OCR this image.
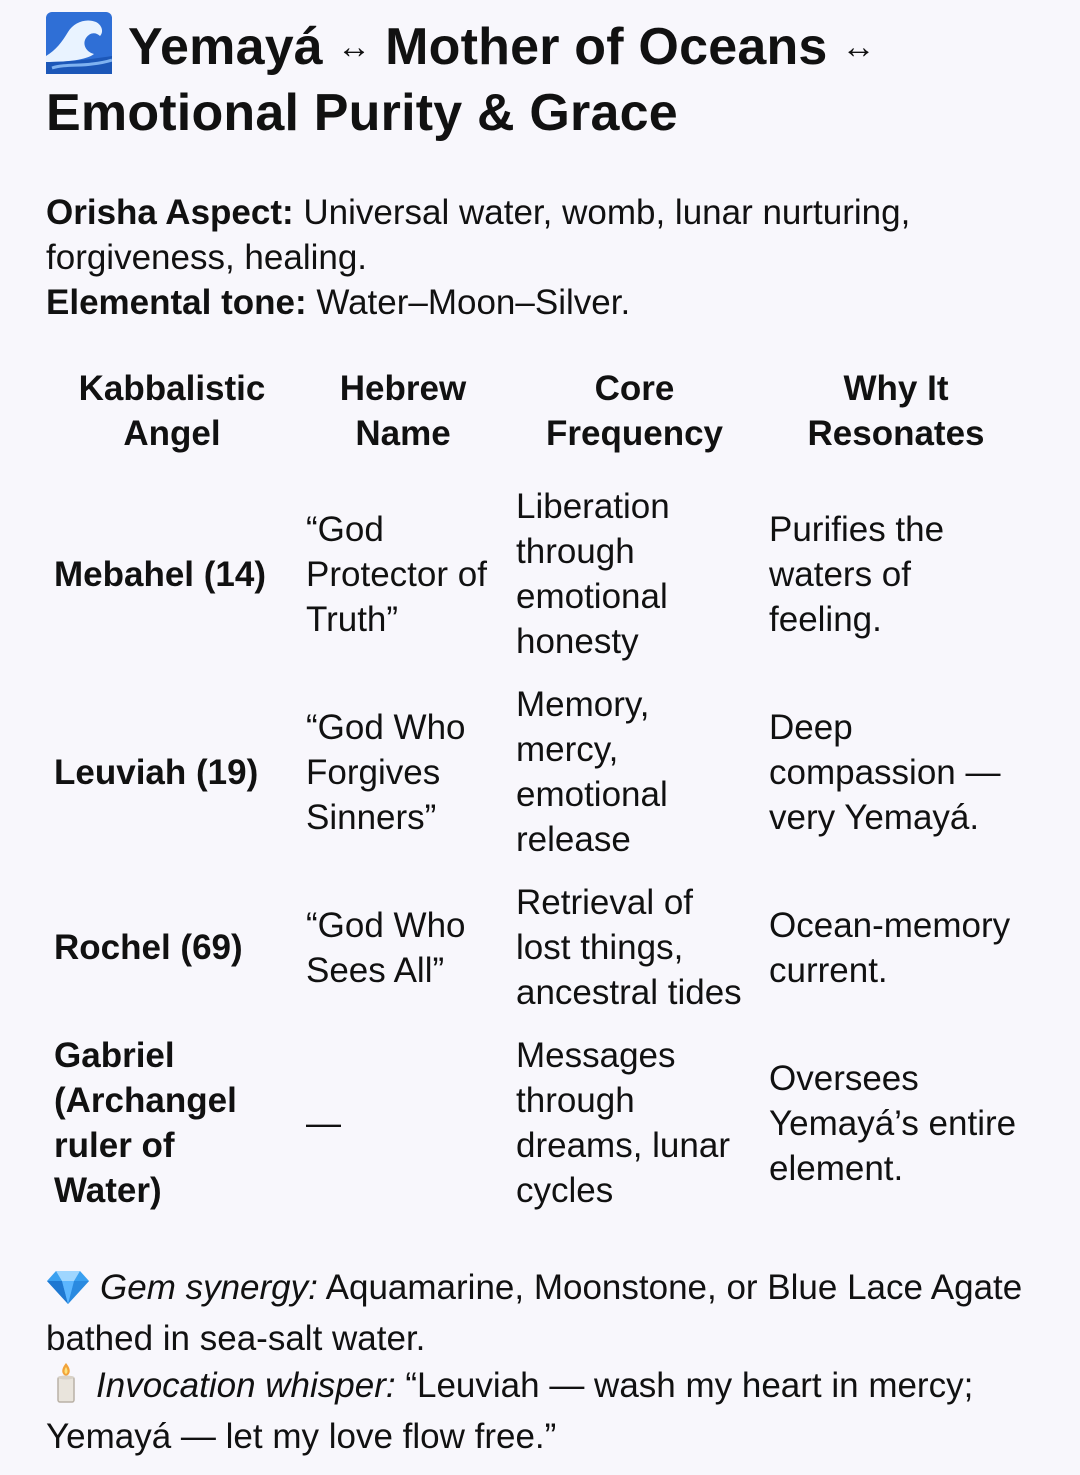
Yemayá ↔ Mother of Oceans ↔
Emotional Purity & Grace
Orisha Aspect: Universal water, womb, lunar nurturing, forgiveness, healing.
Elemental tone: Water–Moon–Silver.
Kabbalistic Angel	Hebrew Name	Core Frequency	Why It Resonates
Mebahel (14)	“God Protector of Truth”	Liberation through emotional honesty	Purifies the waters of feeling.
Leuviah (19)	“God Who Forgives Sinners”	Memory, mercy, emotional release	Deep compassion — very Yemayá.
Rochel (69)	“God Who Sees All”	Retrieval of lost things, ancestral tides	Ocean-memory current.
Gabriel (Archangel ruler of Water)	—	Messages through dreams, lunar cycles	Oversees Yemayá’s entire element.
Gem synergy: Aquamarine, Moonstone, or Blue Lace Agate bathed in sea-salt water.
Invocation whisper: “Leuviah — wash my heart in mercy; Yemayá — let my love flow free.”
